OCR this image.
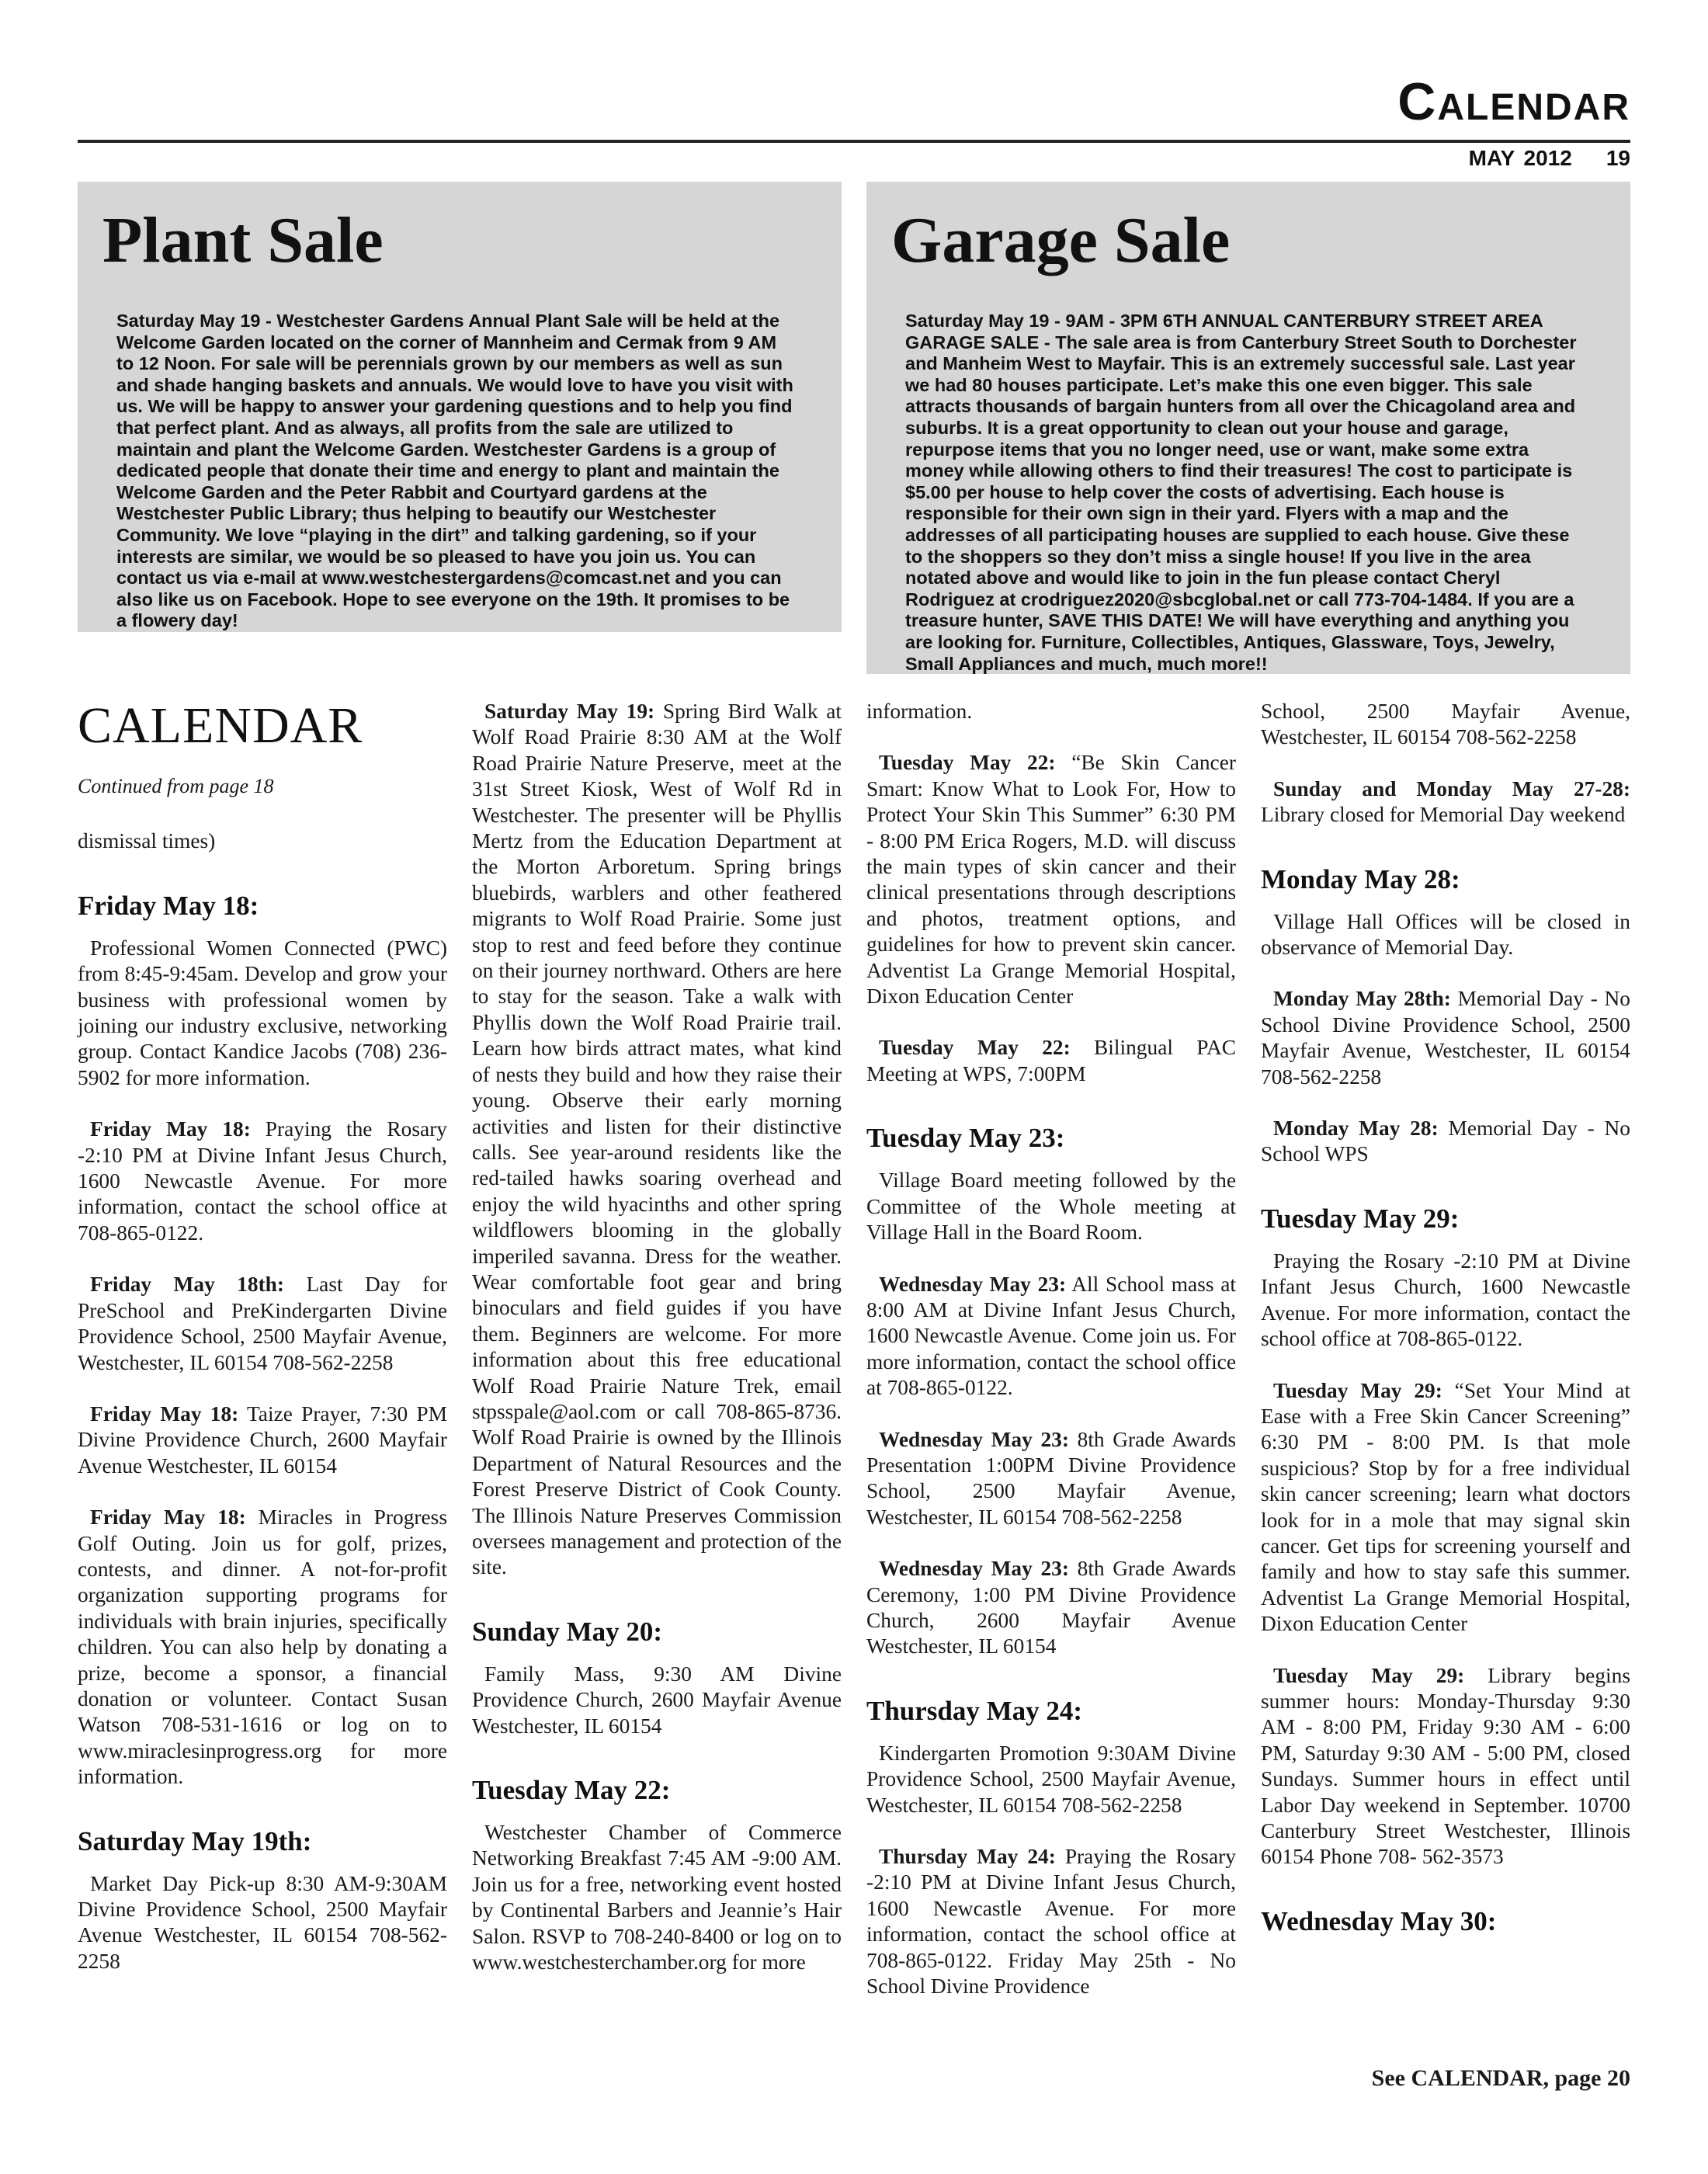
Calendar
MAY 2012 19
Plant Sale

Saturday May 19 - Westchester Gardens Annual Plant Sale will be held at the Welcome Garden located on the corner of Mannheim and Cermak from 9 AM to 12 Noon. For sale will be perennials grown by our members as well as sun and shade hanging baskets and annuals. We would love to have you visit with us. We will be happy to answer your gardening questions and to help you find that perfect plant. And as always, all profits from the sale are utilized to maintain and plant the Welcome Garden. Westchester Gardens is a group of dedicated people that donate their time and energy to plant and maintain the Welcome Garden and the Peter Rabbit and Courtyard gardens at the Westchester Public Library; thus helping to beautify our Westchester Community. We love “playing in the dirt” and talking gardening, so if your interests are similar, we would be so pleased to have you join us. You can contact us via e-mail at www.westchestergardens@comcast.net and you can also like us on Facebook. Hope to see everyone on the 19th. It promises to be a flowery day!

Garage Sale

Saturday May 19 - 9AM - 3PM 6TH ANNUAL CANTERBURY STREET AREA GARAGE SALE - The sale area is from Canterbury Street South to Dorchester and Manheim West to Mayfair. This is an extremely successful sale. Last year we had 80 houses participate. Let’s make this one even bigger. This sale attracts thousands of bargain hunters from all over the Chicagoland area and suburbs. It is a great opportunity to clean out your house and garage, repurpose items that you no longer need, use or want, make some extra money while allowing others to find their treasures! The cost to participate is $5.00 per house to help cover the costs of advertising. Each house is responsible for their own sign in their yard. Flyers with a map and the addresses of all participating houses are supplied to each house. Give these to the shoppers so they don’t miss a single house! If you live in the area notated above and would like to join in the fun please contact Cheryl Rodriguez at crodriguez2020@sbcglobal.net or call 773-704-1484. If you are a treasure hunter, SAVE THIS DATE! We will have everything and anything you are looking for. Furniture, Collectibles, Antiques, Glassware, Toys, Jewelry, Small Appliances and much, much more!!

CALENDAR
Continued from page 18

dismissal times)

Friday May 18:

Professional Women Connected (PWC) from 8:45-9:45am. Develop and grow your business with professional women by joining our industry exclusive, networking group. Contact Kandice Jacobs (708) 236-5902 for more information.

Friday May 18: Praying the Rosary -2:10 PM at Divine Infant Jesus Church, 1600 Newcastle Avenue. For more information, contact the school office at 708-865-0122.

Friday May 18th: Last Day for PreSchool and PreKindergarten Divine Providence School, 2500 Mayfair Avenue, Westchester, IL 60154 708-562-2258

Friday May 18: Taize Prayer, 7:30 PM Divine Providence Church, 2600 Mayfair Avenue Westchester, IL 60154

Friday May 18: Miracles in Progress Golf Outing. Join us for golf, prizes, contests, and dinner. A not-for-profit organization supporting programs for individuals with brain injuries, specifically children. You can also help by donating a prize, become a sponsor, a financial donation or volunteer. Contact Susan Watson 708-531-1616 or log on to www.miraclesinprogress.org for more information.

Saturday May 19th:

Market Day Pick-up 8:30 AM-9:30AM Divine Providence School, 2500 Mayfair Avenue Westchester, IL 60154 708-562-2258

Saturday May 19: Spring Bird Walk at Wolf Road Prairie 8:30 AM at the Wolf Road Prairie Nature Preserve, meet at the 31st Street Kiosk, West of Wolf Rd in Westchester. The presenter will be Phyllis Mertz from the Education Department at the Morton Arboretum. Spring brings bluebirds, warblers and other feathered migrants to Wolf Road Prairie. Some just stop to rest and feed before they continue on their journey northward. Others are here to stay for the season. Take a walk with Phyllis down the Wolf Road Prairie trail. Learn how birds attract mates, what kind of nests they build and how they raise their young. Observe their early morning activities and listen for their distinctive calls. See year-around residents like the red-tailed hawks soaring overhead and enjoy the wild hyacinths and other spring wildflowers blooming in the globally imperiled savanna. Dress for the weather. Wear comfortable foot gear and bring binoculars and field guides if you have them. Beginners are welcome. For more information about this free educational Wolf Road Prairie Nature Trek, email stpsspale@aol.com or call 708-865-8736. Wolf Road Prairie is owned by the Illinois Department of Natural Resources and the Forest Preserve District of Cook County. The Illinois Nature Preserves Commission oversees management and protection of the site.

Sunday May 20:

Family Mass, 9:30 AM Divine Providence Church, 2600 Mayfair Avenue Westchester, IL 60154

Tuesday May 22:

Westchester Chamber of Commerce Networking Breakfast 7:45 AM -9:00 AM. Join us for a free, networking event hosted by Continental Barbers and Jeannie’s Hair Salon. RSVP to 708-240-8400 or log on to www.westchesterchamber.org for more

information.

Tuesday May 22: “Be Skin Cancer Smart: Know What to Look For, How to Protect Your Skin This Summer” 6:30 PM - 8:00 PM Erica Rogers, M.D. will discuss the main types of skin cancer and their clinical presentations through descriptions and photos, treatment options, and guidelines for how to prevent skin cancer. Adventist La Grange Memorial Hospital, Dixon Education Center

Tuesday May 22: Bilingual PAC Meeting at WPS, 7:00PM

Tuesday May 23:

Village Board meeting followed by the Committee of the Whole meeting at Village Hall in the Board Room.

Wednesday May 23: All School mass at 8:00 AM at Divine Infant Jesus Church, 1600 Newcastle Avenue. Come join us. For more information, contact the school office at 708-865-0122.

Wednesday May 23: 8th Grade Awards Presentation 1:00PM Divine Providence School, 2500 Mayfair Avenue, Westchester, IL 60154 708-562-2258

Wednesday May 23: 8th Grade Awards Ceremony, 1:00 PM Divine Providence Church, 2600 Mayfair Avenue Westchester, IL 60154

Thursday May 24:

Kindergarten Promotion 9:30AM Divine Providence School, 2500 Mayfair Avenue, Westchester, IL 60154 708-562-2258

Thursday May 24: Praying the Rosary -2:10 PM at Divine Infant Jesus Church, 1600 Newcastle Avenue. For more information, contact the school office at 708-865-0122. Friday May 25th - No School Divine Providence

School, 2500 Mayfair Avenue, Westchester, IL 60154 708-562-2258

Sunday and Monday May 27-28: Library closed for Memorial Day weekend

Monday May 28:

Village Hall Offices will be closed in observance of Memorial Day.

Monday May 28th: Memorial Day - No School Divine Providence School, 2500 Mayfair Avenue, Westchester, IL 60154 708-562-2258

Monday May 28: Memorial Day - No School WPS

Tuesday May 29:

Praying the Rosary -2:10 PM at Divine Infant Jesus Church, 1600 Newcastle Avenue. For more information, contact the school office at 708-865-0122.

Tuesday May 29: “Set Your Mind at Ease with a Free Skin Cancer Screening” 6:30 PM - 8:00 PM. Is that mole suspicious? Stop by for a free individual skin cancer screening; learn what doctors look for in a mole that may signal skin cancer. Get tips for screening yourself and family and how to stay safe this summer. Adventist La Grange Memorial Hospital, Dixon Education Center

Tuesday May 29: Library begins summer hours: Monday-Thursday 9:30 AM - 8:00 PM, Friday 9:30 AM - 6:00 PM, Saturday 9:30 AM - 5:00 PM, closed Sundays. Summer hours in effect until Labor Day weekend in September. 10700 Canterbury Street Westchester, Illinois 60154 Phone 708- 562-3573

Wednesday May 30:
See CALENDAR, page 20
